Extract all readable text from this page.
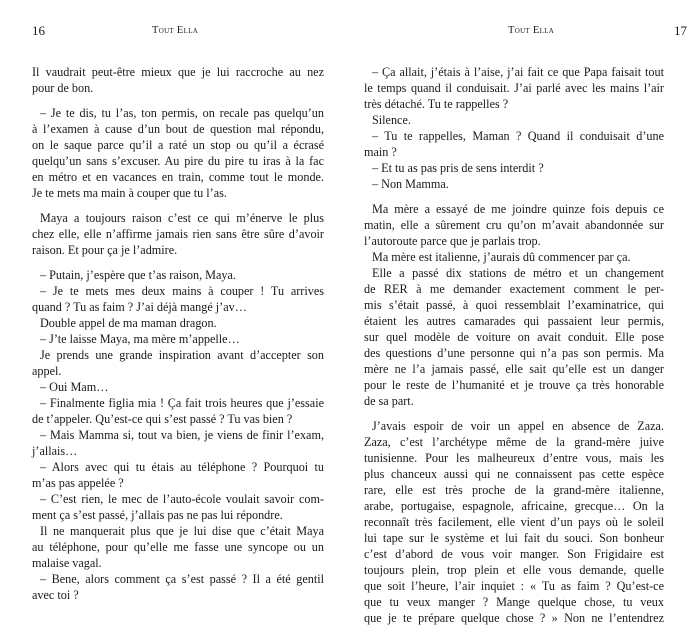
16	Tout Ella
Il vaudrait peut-être mieux que je lui raccroche au nez
pour de bon.
– Je te dis, tu l’as, ton permis, on recale pas quelqu’un
à l’examen à cause d’un bout de question mal répondu,
on le saque parce qu’il a raté un stop ou qu’il a écrasé
quelqu’un sans s’excuser. Au pire du pire tu iras à la fac
en métro et en vacances en train, comme tout le monde.
Je te mets ma main à couper que tu l’as.
Maya a toujours raison c’est ce qui m’énerve le plus
chez elle, elle n’affirme jamais rien sans être sûre d’avoir
raison. Et pour ça je l’admire.
– Putain, j’espère que t’as raison, Maya.
– Je te mets mes deux mains à couper ! Tu arrives
quand ? Tu as faim ? J’ai déjà mangé j’av…
Double appel de ma maman dragon.
– J’te laisse Maya, ma mère m’appelle…
Je prends une grande inspiration avant d’accepter son
appel.
– Oui Mam…
– Finalmente figlia mia ! Ça fait trois heures que j’essaie
de t’appeler. Qu’est-ce qui s’est passé ? Tu vas bien ?
– Mais Mamma si, tout va bien, je viens de finir l’exam,
j’allais…
– Alors avec qui tu étais au téléphone ? Pourquoi tu
m’as pas appelée ?
– C’est rien, le mec de l’auto-école voulait savoir com-
ment ça s’est passé, j’allais pas ne pas lui répondre.
Il ne manquerait plus que je lui dise que c’était Maya
au téléphone, pour qu’elle me fasse une syncope ou un
malaise vagal.
– Bene, alors comment ça s’est passé ? Il a été gentil
avec toi ?
17
Tout Ella
– Ça allait, j’étais à l’aise, j’ai fait ce que Papa faisait tout
le temps quand il conduisait. J’ai parlé avec les mains l’air
très détaché. Tu te rappelles ?
Silence.
– Tu te rappelles, Maman ? Quand il conduisait d’une
main ?
– Et tu as pas pris de sens interdit ?
– Non Mamma.
Ma mère a essayé de me joindre quinze fois depuis ce
matin, elle a sûrement cru qu’on m’avait abandonnée sur
l’autoroute parce que je parlais trop.
Ma mère est italienne, j’aurais dû commencer par ça.
Elle a passé dix stations de métro et un changement
de RER à me demander exactement comment le per-
mis s’était passé, à quoi ressemblait l’examinatrice, qui
étaient les autres camarades qui passaient leur permis,
sur quel modèle de voiture on avait conduit. Elle pose
des questions d’une personne qui n’a pas son permis. Ma
mère ne l’a jamais passé, elle sait qu’elle est un danger
pour le reste de l’humanité et je trouve ça très honorable
de sa part.
J’avais espoir de voir un appel en absence de Zaza.
Zaza, c’est l’archétype même de la grand-mère juive
tunisienne. Pour les malheureux d’entre vous, mais les
plus chanceux aussi qui ne connaissent pas cette espèce
rare, elle est très proche de la grand-mère italienne,
arabe, portugaise, espagnole, africaine, grecque… On la
reconnaît très facilement, elle vient d’un pays où le soleil
lui tape sur le système et lui fait du souci. Son bonheur
c’est d’abord de vous voir manger. Son Frigidaire est
toujours plein, trop plein et elle vous demande, quelle
que soit l’heure, l’air inquiet : « Tu as faim ? Qu’est-ce
que tu veux manger ? Mange quelque chose, tu veux
que je te prépare quelque chose ? » Non ne l’entendrez
